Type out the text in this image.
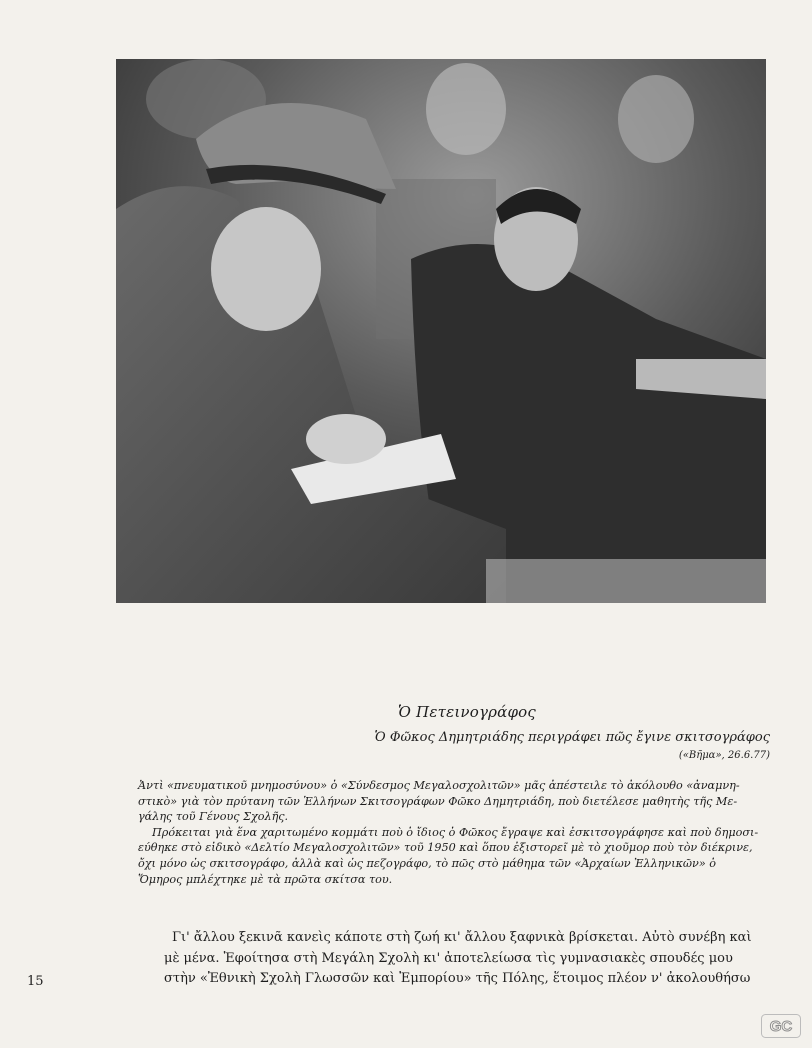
Ὁ Πετεινογράφος
Ὁ Φῶκος Δημητριάδης περιγράφει πῶς ἔγινε σκιτσογράφος
(«Βῆμα», 26.6.77)
Ἀντὶ «πνευματικοῦ μνημοσύνου» ὁ «Σύνδεσμος Μεγαλοσχολιτῶν» μᾶς ἀπέστειλε τὸ ἀκόλουθο «ἀναμνη-
στικὸ» γιὰ τὸν πρύτανη τῶν Ἑλλήνων Σκιτσογράφων Φῶκο Δημητριάδη, ποὺ διετέλεσε μαθητὴς τῆς Με-
γάλης τοῦ Γένους Σχολῆς.
Πρόκειται γιὰ ἕνα χαριτωμένο κομμάτι ποὺ ὁ ἴδιος ὁ Φῶκος ἔγραψε καὶ ἐσκιτσογράφησε καὶ ποὺ δημοσι-
εύθηκε στὸ εἰδικὸ «Δελτίο Μεγαλοσχολιτῶν» τοῦ 1950 καὶ ὅπου ἐξιστορεῖ μὲ τὸ χιοῦμορ ποὺ τὸν διέκρινε,
ὄχι μόνο ὡς σκιτσογράφο, ἀλλὰ καὶ ὡς πεζογράφο, τὸ πῶς στὸ μάθημα τῶν «Ἀρχαίων Ἑλληνικῶν» ὁ
Ὅμηρος μπλέχτηκε μὲ τὰ πρῶτα σκίτσα του.
Γι' ἄλλου ξεκινᾶ κανεὶς κάποτε στὴ ζωή κι' ἄλλου ξαφνικὰ βρίσκεται. Αὐτὸ συνέβη καὶ
μὲ μένα. Ἐφοίτησα στὴ Μεγάλη Σχολὴ κι' ἀποτελείωσα τὶς γυμνασιακὲς σπουδές μου
στὴν «Ἐθνικὴ Σχολὴ Γλωσσῶν καὶ Ἐμπορίου» τῆς Πόλης, ἕτοιμος πλέον ν' ἀκολουθήσω
15
GC
